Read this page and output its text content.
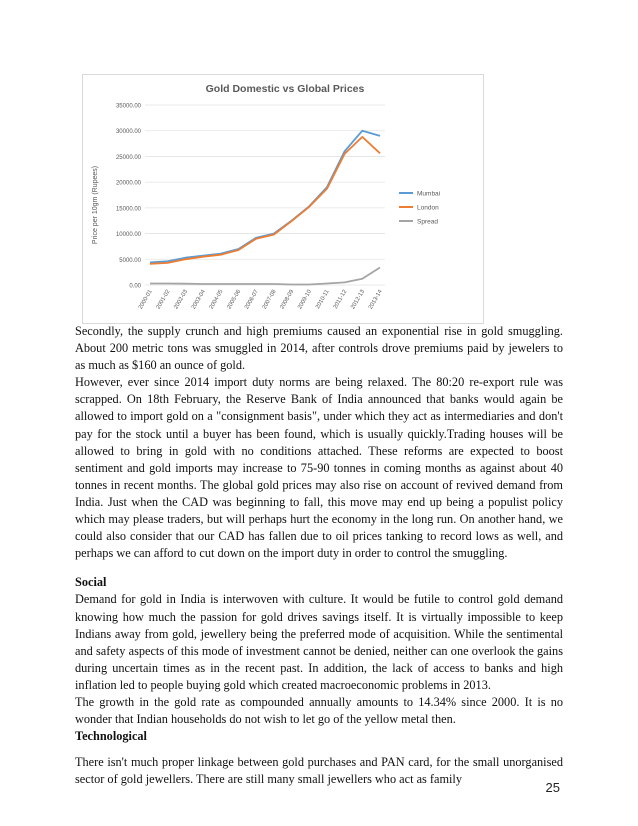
Gold Domestic vs Global Prices
0.00
5000.00
10000.00
15000.00
20000.00
25000.00
30000.00
35000.00
Price per 10gm (Rupees)
2000-01 2001-02 2002-03 2003-04 2004-05 2005-06 2006-07 2007-08 2008-09 2009-10 2010-11 2011-12 2012-13 2013-14
Mumbai
London
Spread

Secondly, the supply crunch and high premiums caused an exponential rise in gold smuggling. About 200 metric tons was smuggled in 2014, after controls drove premiums paid by jewelers to as much as $160 an ounce of gold.

However, ever since 2014 import duty norms are being relaxed. The 80:20 re-export rule was scrapped. On 18th February, the Reserve Bank of India announced that banks would again be allowed to import gold on a "consignment basis", under which they act as intermediaries and don't pay for the stock until a buyer has been found, which is usually quickly.Trading houses will be allowed to bring in gold with no conditions attached. These reforms are expected to boost sentiment and gold imports may increase to 75-90 tonnes in coming months as against about 40 tonnes in recent months. The global gold prices may also rise on account of revived demand from India. Just when the CAD was beginning to fall, this move may end up being a populist policy which may please traders, but will perhaps hurt the economy in the long run. On another hand, we could also consider that our CAD has fallen due to oil prices tanking to record lows as well, and perhaps we can afford to cut down on the import duty in order to control the smuggling.

Social

Demand for gold in India is interwoven with culture. It would be futile to control gold demand knowing how much the passion for gold drives savings itself. It is virtually impossible to keep Indians away from gold, jewellery being the preferred mode of acquisition. While the sentimental and safety aspects of this mode of investment cannot be denied, neither can one overlook the gains during uncertain times as in the recent past. In addition, the lack of access to banks and high inflation led to people buying gold which created macroeconomic problems in 2013.

The growth in the gold rate as compounded annually amounts to 14.34% since 2000. It is no wonder that Indian households do not wish to let go of the yellow metal then.

Technological

There isn't much proper linkage between gold purchases and PAN card, for the small unorganised sector of gold jewellers. There are still many small jewellers who act as family

25
